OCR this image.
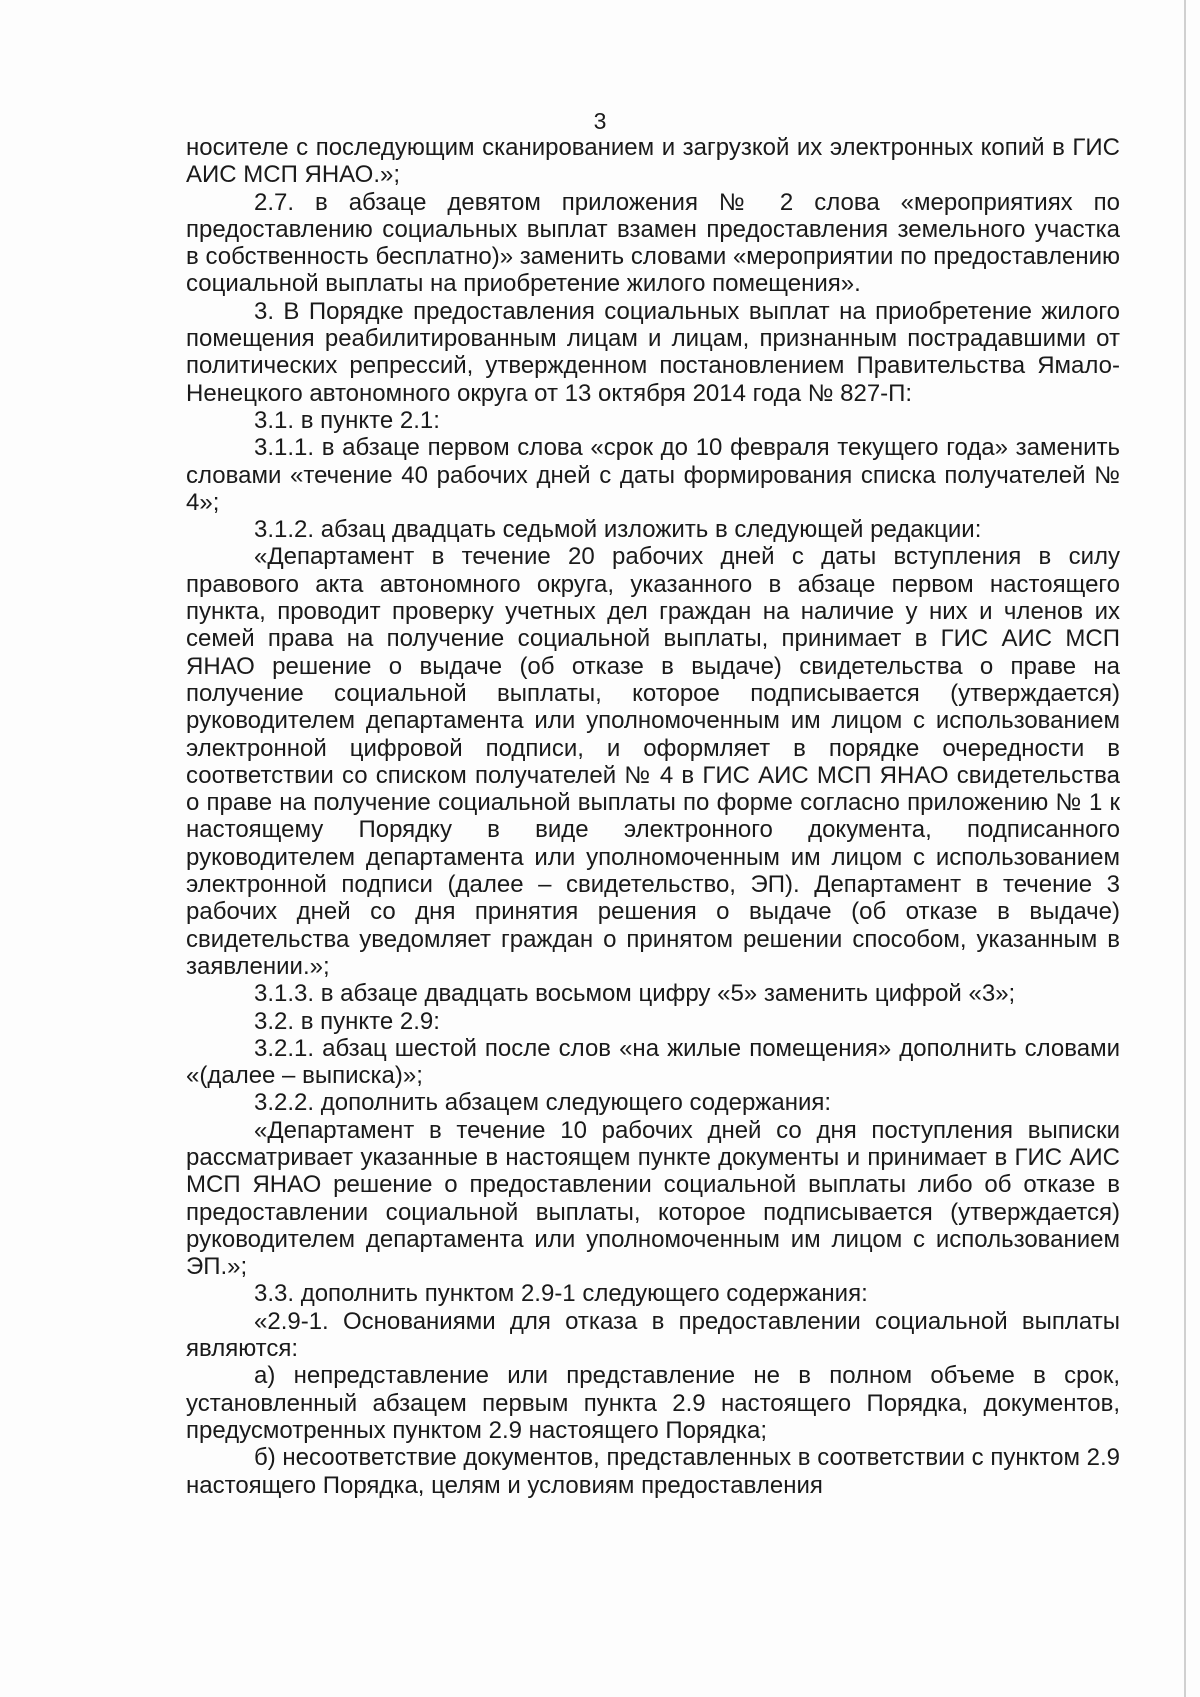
3

носителе с последующим сканированием и загрузкой их электронных копий в ГИС АИС МСП ЯНАО.»;

2.7. в абзаце девятом приложения № 2 слова «мероприятиях по предоставлению социальных выплат взамен предоставления земельного участка в собственность бесплатно)» заменить словами «мероприятии по предоставлению социальной выплаты на приобретение жилого помещения».

3. В Порядке предоставления социальных выплат на приобретение жилого помещения реабилитированным лицам и лицам, признанным пострадавшими от политических репрессий, утвержденном постановлением Правительства Ямало-Ненецкого автономного округа от 13 октября 2014 года № 827-П:

3.1. в пункте 2.1:

3.1.1. в абзаце первом слова «срок до 10 февраля текущего года» заменить словами «течение 40 рабочих дней с даты формирования списка получателей № 4»;

3.1.2. абзац двадцать седьмой изложить в следующей редакции:

«Департамент в течение 20 рабочих дней с даты вступления в силу правового акта автономного округа, указанного в абзаце первом настоящего пункта, проводит проверку учетных дел граждан на наличие у них и членов их семей права на получение социальной выплаты, принимает в ГИС АИС МСП ЯНАО решение о выдаче (об отказе в выдаче) свидетельства о праве на получение социальной выплаты, которое подписывается (утверждается) руководителем департамента или уполномоченным им лицом с использованием электронной цифровой подписи, и оформляет в порядке очередности в соответствии со списком получателей № 4 в ГИС АИС МСП ЯНАО свидетельства о праве на получение социальной выплаты по форме согласно приложению № 1 к настоящему Порядку в виде электронного документа, подписанного руководителем департамента или уполномоченным им лицом с использованием электронной подписи (далее – свидетельство, ЭП). Департамент в течение 3 рабочих дней со дня принятия решения о выдаче (об отказе в выдаче) свидетельства уведомляет граждан о принятом решении способом, указанным в заявлении.»;

3.1.3. в абзаце двадцать восьмом цифру «5» заменить цифрой «3»;

3.2. в пункте 2.9:

3.2.1. абзац шестой после слов «на жилые помещения» дополнить словами «(далее – выписка)»;

3.2.2. дополнить абзацем следующего содержания:

«Департамент в течение 10 рабочих дней со дня поступления выписки рассматривает указанные в настоящем пункте документы и принимает в ГИС АИС МСП ЯНАО решение о предоставлении социальной выплаты либо об отказе в предоставлении социальной выплаты, которое подписывается (утверждается) руководителем департамента или уполномоченным им лицом с использованием ЭП.»;

3.3. дополнить пунктом 2.9-1 следующего содержания:

«2.9-1. Основаниями для отказа в предоставлении социальной выплаты являются:

а) непредставление или представление не в полном объеме в срок, установленный абзацем первым пункта 2.9 настоящего Порядка, документов, предусмотренных пунктом 2.9 настоящего Порядка;

б) несоответствие документов, представленных в соответствии с пунктом 2.9 настоящего Порядка, целям и условиям предоставления
